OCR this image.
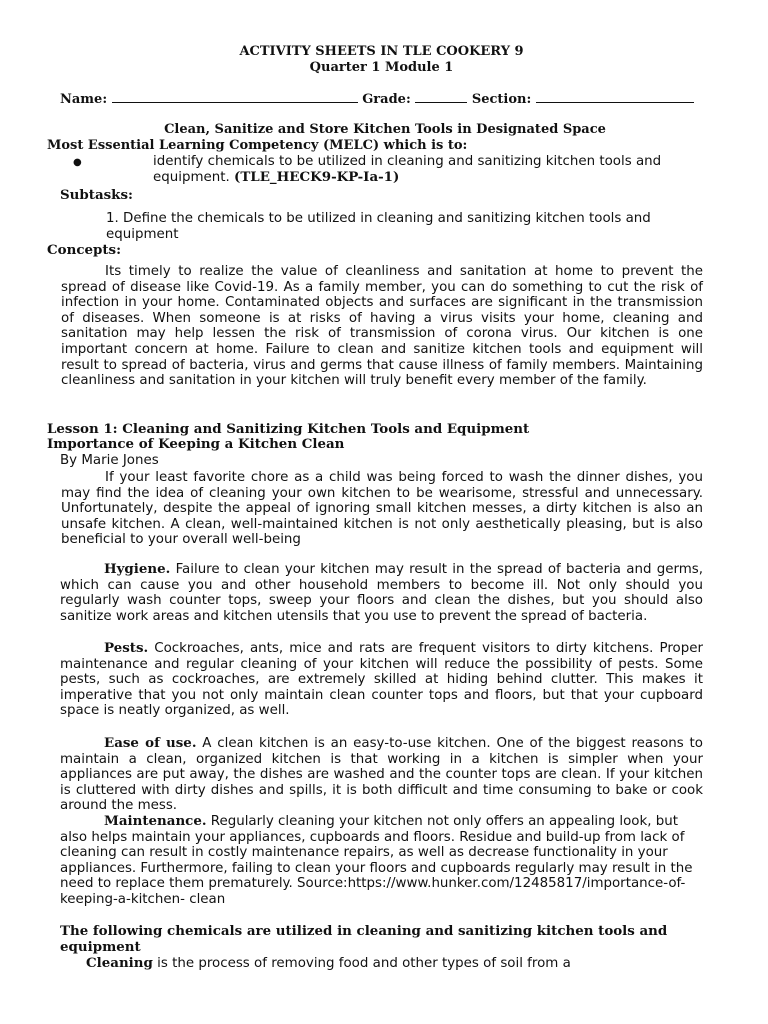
ACTIVITY SHEETS IN TLE COOKERY 9
Quarter 1 Module 1
Name:	Grade:	Section:
Clean, Sanitize and Store Kitchen Tools in Designated Space
Most Essential Learning Competency (MELC) which is to:
●	identify chemicals to be utilized in cleaning and sanitizing kitchen tools and equipment. (TLE_HECK9-KP-Ia-1)
Subtasks:
1. Define the chemicals to be utilized in cleaning and sanitizing kitchen tools and equipment
Concepts:

Its timely to realize the value of cleanliness and sanitation at home to prevent the spread of disease like Covid-19. As a family member, you can do something to cut the risk of infection in your home. Contaminated objects and surfaces are significant in the transmission of diseases. When someone is at risks of having a virus visits your home, cleaning and sanitation may help lessen the risk of transmission of corona virus. Our kitchen is one important concern at home. Failure to clean and sanitize kitchen tools and equipment will result to spread of bacteria, virus and germs that cause illness of family members. Maintaining cleanliness and sanitation in your kitchen will truly benefit every member of the family.

Lesson 1: Cleaning and Sanitizing Kitchen Tools and Equipment
Importance of Keeping a Kitchen Clean
By Marie Jones

If your least favorite chore as a child was being forced to wash the dinner dishes, you may find the idea of cleaning your own kitchen to be wearisome, stressful and unnecessary. Unfortunately, despite the appeal of ignoring small kitchen messes, a dirty kitchen is also an unsafe kitchen. A clean, well-maintained kitchen is not only aesthetically pleasing, but is also beneficial to your overall well-being

Hygiene. Failure to clean your kitchen may result in the spread of bacteria and germs, which can cause you and other household members to become ill. Not only should you regularly wash counter tops, sweep your floors and clean the dishes, but you should also sanitize work areas and kitchen utensils that you use to prevent the spread of bacteria.

Pests. Cockroaches, ants, mice and rats are frequent visitors to dirty kitchens. Proper maintenance and regular cleaning of your kitchen will reduce the possibility of pests. Some pests, such as cockroaches, are extremely skilled at hiding behind clutter. This makes it imperative that you not only maintain clean counter tops and floors, but that your cupboard space is neatly organized, as well.

Ease of use. A clean kitchen is an easy-to-use kitchen. One of the biggest reasons to maintain a clean, organized kitchen is that working in a kitchen is simpler when your appliances are put away, the dishes are washed and the counter tops are clean. If your kitchen is cluttered with dirty dishes and spills, it is both difficult and time consuming to bake or cook around the mess.

Maintenance. Regularly cleaning your kitchen not only offers an appealing look, but also helps maintain your appliances, cupboards and floors. Residue and build-up from lack of cleaning can result in costly maintenance repairs, as well as decrease functionality in your appliances. Furthermore, failing to clean your floors and cupboards regularly may result in the need to replace them prematurely. Source:https://www.hunker.com/12485817/importance-of-keeping-a-kitchen- clean

The following chemicals are utilized in cleaning and sanitizing kitchen tools and equipment

Cleaning is the process of removing food and other types of soil from a
